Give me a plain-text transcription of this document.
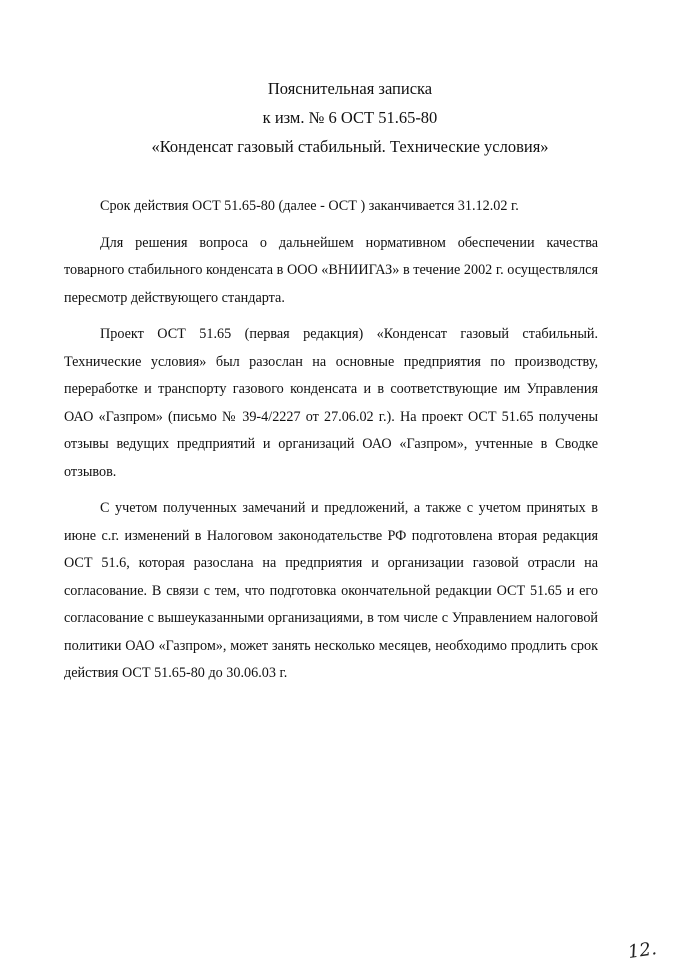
Пояснительная записка
к изм. № 6 ОСТ 51.65-80
«Конденсат газовый стабильный. Технические условия»

Срок действия ОСТ 51.65-80 (далее - ОСТ ) заканчивается 31.12.02 г.

Для решения вопроса о дальнейшем нормативном обеспечении качества товарного стабильного конденсата в ООО «ВНИИГАЗ» в течение 2002 г. осуществлялся пересмотр действующего стандарта.

Проект ОСТ 51.65 (первая редакция) «Конденсат газовый стабильный. Технические условия» был разослан на основные предприятия по производству, переработке и транспорту газового конденсата и в соответствующие им Управления ОАО «Газпром» (письмо № 39-4/2227 от 27.06.02 г.). На проект ОСТ 51.65 получены отзывы ведущих предприятий и организаций ОАО «Газпром», учтенные в Сводке отзывов.

С учетом полученных замечаний и предложений, а также с учетом принятых в июне с.г. изменений в Налоговом законодательстве РФ подготовлена вторая редакция ОСТ 51.6, которая разослана на предприятия и организации газовой отрасли на согласование. В связи с тем, что подготовка окончательной редакции ОСТ 51.65 и его согласование с вышеуказанными организациями, в том числе с Управлением налоговой политики ОАО «Газпром», может занять несколько месяцев, необходимо продлить срок действия ОСТ 51.65-80 до 30.06.03 г.

12.
